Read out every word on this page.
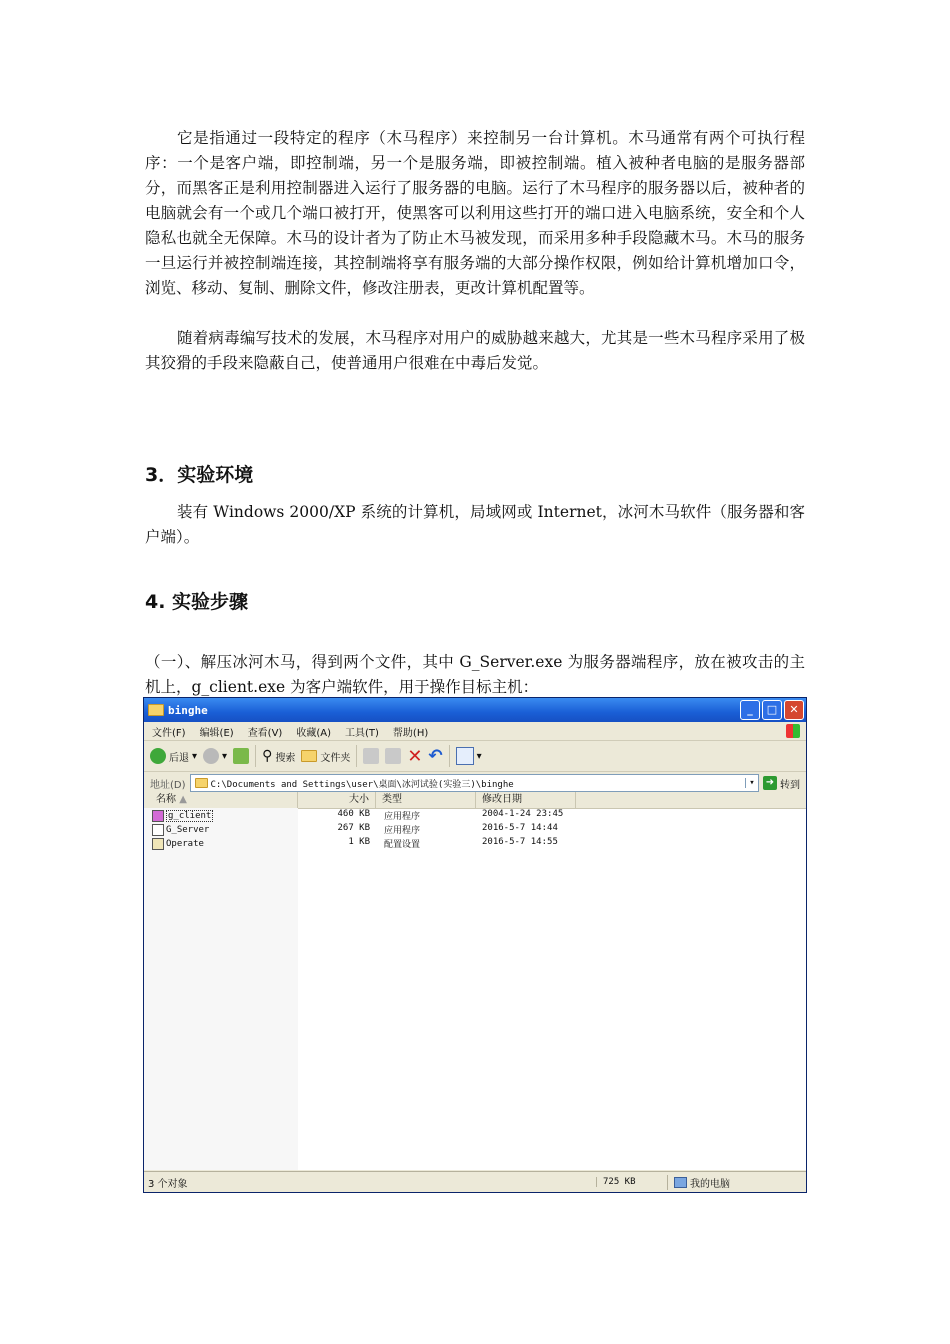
它是指通过一段特定的程序（木马程序）来控制另一台计算机。木马通常有两个可执行程序：一个是客户端，即控制端，另一个是服务端，即被控制端。植入被种者电脑的是服务器部分，而黑客正是利用控制器进入运行了服务器的电脑。运行了木马程序的服务器以后，被种者的电脑就会有一个或几个端口被打开，使黑客可以利用这些打开的端口进入电脑系统，安全和个人隐私也就全无保障。木马的设计者为了防止木马被发现，而采用多种手段隐藏木马。木马的服务一旦运行并被控制端连接，其控制端将享有服务端的大部分操作权限，例如给计算机增加口令，浏览、移动、复制、删除文件，修改注册表，更改计算机配置等。

随着病毒编写技术的发展，木马程序对用户的威胁越来越大，尤其是一些木马程序采用了极其狡猾的手段来隐蔽自己，使普通用户很难在中毒后发觉。

3．实验环境

装有 Windows 2000/XP 系统的计算机，局域网或 Internet，冰河木马软件（服务器和客户端）。

4. 实验步骤

（一）、解压冰河木马，得到两个文件，其中 G_Server.exe 为服务器端程序，放在被攻击的主机上，g_client.exe 为客户端软件，用于操作目标主机：

binghe	_	□	✕
文件(F) 编辑(E) 查看(V) 收藏(A) 工具(T) 帮助(H)
后退 ▾	▾	⚲ 搜索	文件夹	✕ ↶	▾
地址(D)	C:\Documents and Settings\user\桌面\冰河试验(实验三)\binghe	▾	➜ 转到
名称 ▲	大小	类型	修改日期
g_client	460 KB	应用程序	2004-1-24 23:45
G_Server	267 KB	应用程序	2016-5-7 14:44
Operate	1 KB	配置设置	2016-5-7 14:55
3 个对象	725 KB	我的电脑
